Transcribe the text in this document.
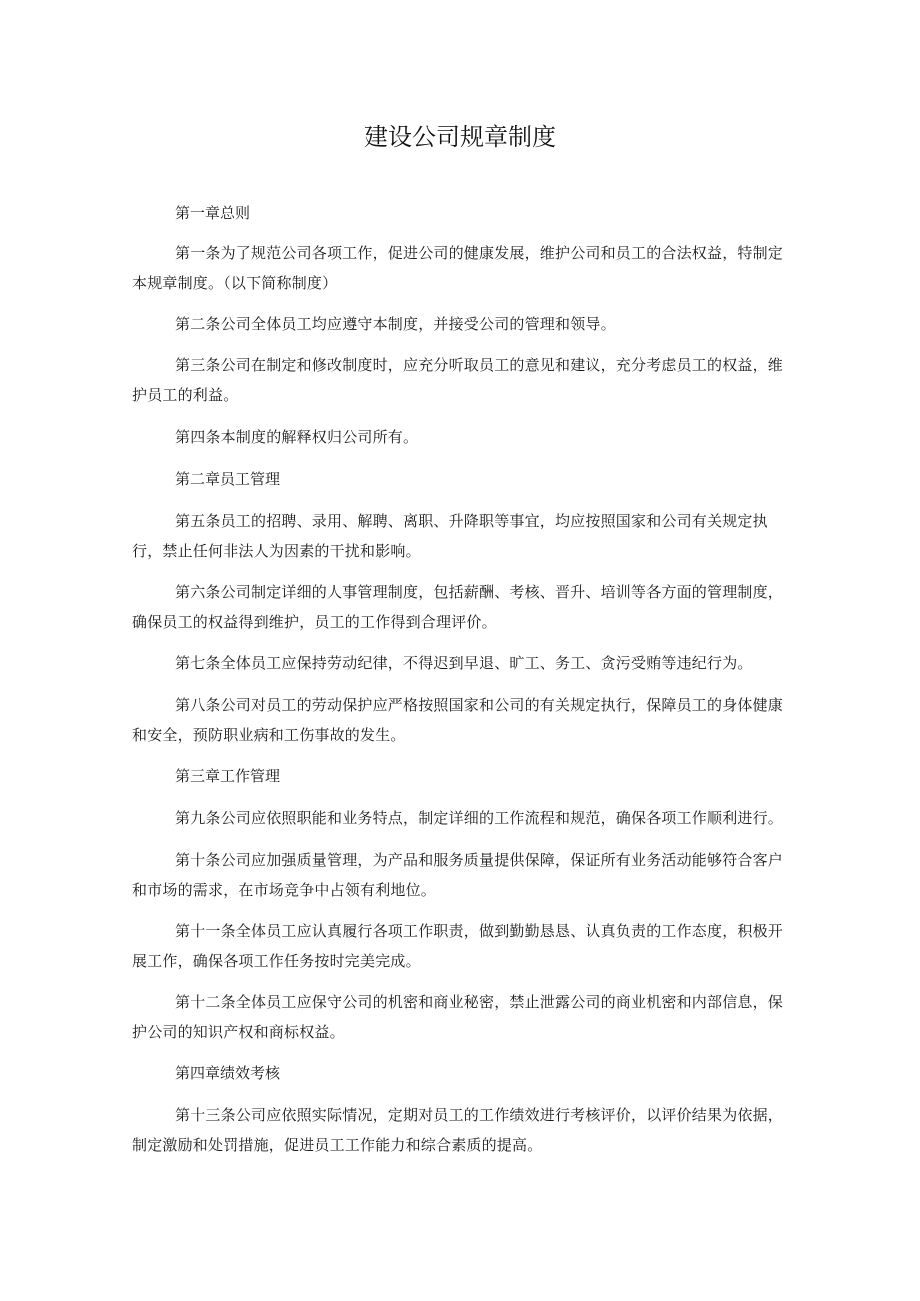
建设公司规章制度

第一章总则

第一条为了规范公司各项工作，促进公司的健康发展，维护公司和员工的合法权益，特制定本规章制度。（以下简称制度）

第二条公司全体员工均应遵守本制度，并接受公司的管理和领导。

第三条公司在制定和修改制度时，应充分听取员工的意见和建议，充分考虑员工的权益，维护员工的利益。

第四条本制度的解释权归公司所有。

第二章员工管理

第五条员工的招聘、录用、解聘、离职、升降职等事宜，均应按照国家和公司有关规定执行，禁止任何非法人为因素的干扰和影响。

第六条公司制定详细的人事管理制度，包括薪酬、考核、晋升、培训等各方面的管理制度，确保员工的权益得到维护，员工的工作得到合理评价。

第七条全体员工应保持劳动纪律，不得迟到早退、旷工、务工、贪污受贿等违纪行为。

第八条公司对员工的劳动保护应严格按照国家和公司的有关规定执行，保障员工的身体健康和安全，预防职业病和工伤事故的发生。

第三章工作管理

第九条公司应依照职能和业务特点，制定详细的工作流程和规范，确保各项工作顺利进行。

第十条公司应加强质量管理，为产品和服务质量提供保障，保证所有业务活动能够符合客户和市场的需求，在市场竞争中占领有利地位。

第十一条全体员工应认真履行各项工作职责，做到勤勤恳恳、认真负责的工作态度，积极开展工作，确保各项工作任务按时完美完成。

第十二条全体员工应保守公司的机密和商业秘密，禁止泄露公司的商业机密和内部信息，保护公司的知识产权和商标权益。

第四章绩效考核

第十三条公司应依照实际情况，定期对员工的工作绩效进行考核评价，以评价结果为依据，制定激励和处罚措施，促进员工工作能力和综合素质的提高。
